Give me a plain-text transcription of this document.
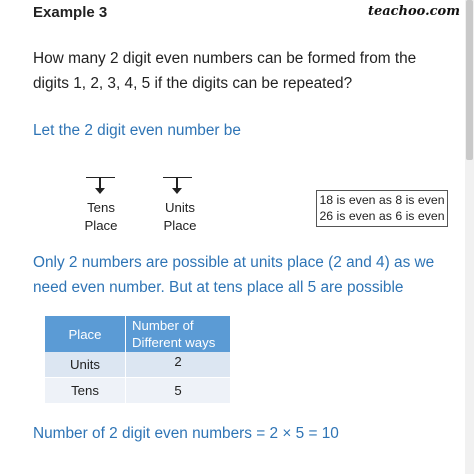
teachoo.com
Example 3
How many 2 digit even numbers can be formed from the digits 1, 2, 3, 4, 5 if the digits can be repeated?
Let the 2 digit even number be
Tens
Place
Units
Place
18 is even as 8 is even
26 is even as 6 is even
Only 2 numbers are possible at units place (2 and 4) as we need even number. But at tens place all 5 are possible
Place	Number of
Different ways

Units	2
Tens	5
Number of 2 digit even numbers = 2 × 5 = 10
